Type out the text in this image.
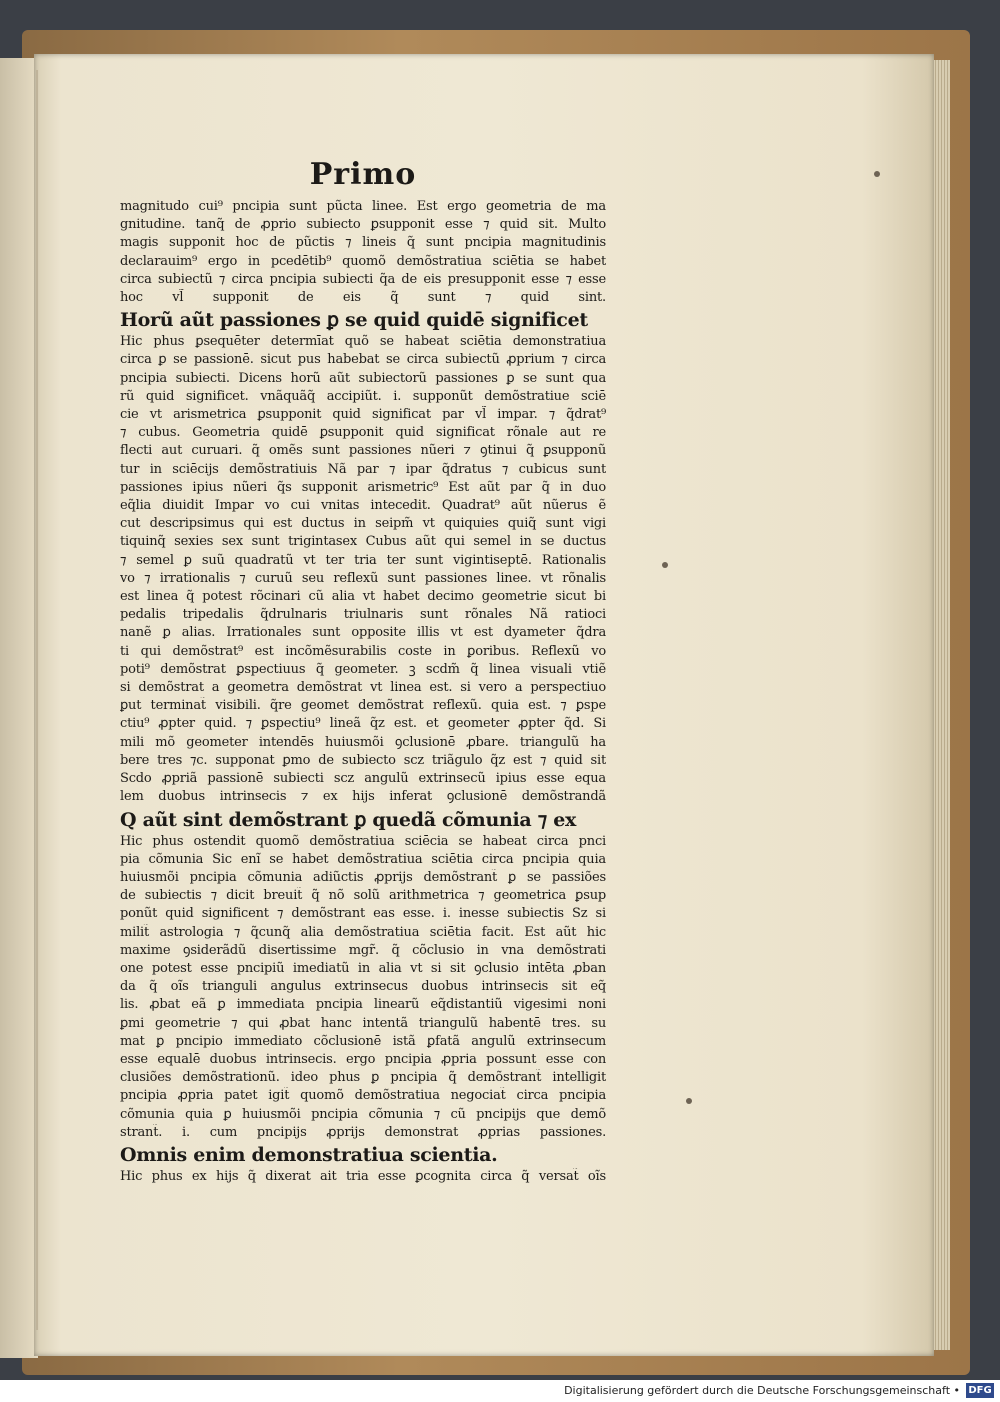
Primo
magnitudo cui⁹ pncipia sunt pũcta linee. Est ergo geometria de ma
gnitudine. tanq̃ de ꝓprio subiecto ꝑsupponit esse ⁊ quid sit. Multo
magis supponit hoc de pũctis ⁊ lineis q̃ sunt pncipia magnitudinis
declarauim⁹ ergo in pcedētib⁹ quomõ demõstratiua sciētia se habet
circa subiectũ ⁊ circa pncipia subiecti q̃a de eis presupponit esse ⁊ esse
hoc vl̃ supponit de eis q̃ sunt ⁊ quid sint.
Horũ aũt passiones ꝑ se quid quidē significet
Hic phus ꝑsequēter determīat quõ se habeat sciētia demonstratiua
circa ꝑ se passionē. sicut pus habebat se circa subiectũ ꝓprium ⁊ circa
pncipia subiecti. Dicens horũ aũt subiectorũ passiones ꝑ se sunt qua
rũ quid significet. vnãquãq̃ accipiũt. i. supponũt demõstratiue sciē
cie vt arismetrica ꝑsupponit quid significat par vl̃ impar. ⁊ q̃drat⁹
⁊ cubus. Geometria quidē ꝑsupponit quid significat rõnale aut re
flecti aut curuari. q̃ omẽs sunt passiones nũeri ⁊ ꝯtinui q̃ ꝑsupponũ
tur in sciēcijs demõstratiuis Nã par ⁊ ipar q̃dratus ⁊ cubicus sunt
passiones ipius nũeri q̃s supponit arismetric⁹ Est aũt par q̃ in duo
eq̃lia diuidit Impar vo cui vnitas intecedit. Quadrat⁹ aũt nũerus ẽ
cut descripsimus qui est ductus in seipm̃ vt quiquies quiq̃ sunt vigi
tiquinq̃ sexies sex sunt trigintasex Cubus aũt qui semel in se ductus
⁊ semel ꝑ suũ quadratũ vt ter tria ter sunt vigintiseptē. Rationalis
vo ⁊ irrationalis ⁊ curuũ seu reflexũ sunt passiones linee. vt rõnalis
est linea q̃ potest rõcinari cũ alia vt habet decimo geometrie sicut bi
pedalis tripedalis q̃drulnaris triulnaris sunt rõnales Nã ratioci
nanẽ ꝑ alias. Irrationales sunt opposite illis vt est dyameter q̃dra
ti qui demõstrat⁹ est incõmẽsurabilis coste in ꝑoribus. Reflexũ vo
poti⁹ demõstrat ꝑspectiuus q̃ geometer. ꝫ scdm̃ q̃ linea visuali vtiẽ
si demõstrat a geometra demõstrat vt linea est. si vero a perspectiuo
ꝑut terminat̃ visibili. q̃re geomet demõstrat reflexũ. quia est. ⁊ ꝑspe
ctiu⁹ ꝓpter quid. ⁊ ꝑspectiu⁹ lineã q̃z est. et geometer ꝓpter q̃d. Si
mili mõ geometer intendēs huiusmõi ꝯclusionē ꝓbare. triangulũ ha
bere tres ⁊c. supponat ꝑmo de subiecto scz triãgulo q̃z est ⁊ quid sit
Scdo ꝓpriã passionē subiecti scz angulũ extrinsecũ ipius esse equa
lem duobus intrinsecis ⁊ ex hijs inferat ꝯclusionē demõstrandã
Q aũt sint demõstrant ꝑ quedã cõmunia ⁊ ex
Hic phus ostendit quomõ demõstratiua sciēcia se habeat circa pnci
pia cõmunia Sic enĩ se habet demõstratiua sciētia circa pncipia quia
huiusmõi pncipia cõmunia adiũctis ꝓprijs demõstrant̃ ꝑ se passiões
de subiectis ⁊ dicit breuit̃ q̃ nõ solũ arithmetrica ⁊ geometrica ꝑsup
ponũt quid significent ⁊ demõstrant eas esse. i. inesse subiectis Sz si
milit̃ astrologia ⁊ q̃cunq̃ alia demõstratiua sciētia facit. Est aũt hic
maxime ꝯsiderãdũ disertissime mgr̃. q̃ cõclusio in vna demõstrati
one potest esse pncipiũ imediatũ in alia vt si sit ꝯclusio intēta ꝓban
da q̃ oĩs trianguli angulus extrinsecus duobus intrinsecis sit eq̃
lis. ꝓbat eã ꝑ immediata pncipia linearũ eq̃distantiũ vigesimi noni
ꝑmi geometrie ⁊ qui ꝓbat hanc intentã triangulũ habentē tres. su
mat ꝑ pncipio immediato cõclusionē istã ꝑfatã angulũ extrinsecum
esse equalē duobus intrinsecis. ergo pncipia ꝓpria possunt esse con
clusiões demõstrationũ. ideo phus ꝑ pncipia q̃ demõstrant̃ intelligit
pncipia ꝓpria patet igit̃ quomõ demõstratiua negociat̃ circa pncipia
cõmunia quia ꝑ huiusmõi pncipia cõmunia ⁊ cũ pncipijs que demõ
strant̃. i. cum pncipijs ꝓprijs demonstrat ꝓprias passiones.
Omnis enim demonstratiua scientia.
Hic phus ex hijs q̃ dixerat ait tria esse ꝑcognita circa q̃ versat̃ oĩs
Digitalisierung gefördert durch die Deutsche Forschungsgemeinschaft • DFG
